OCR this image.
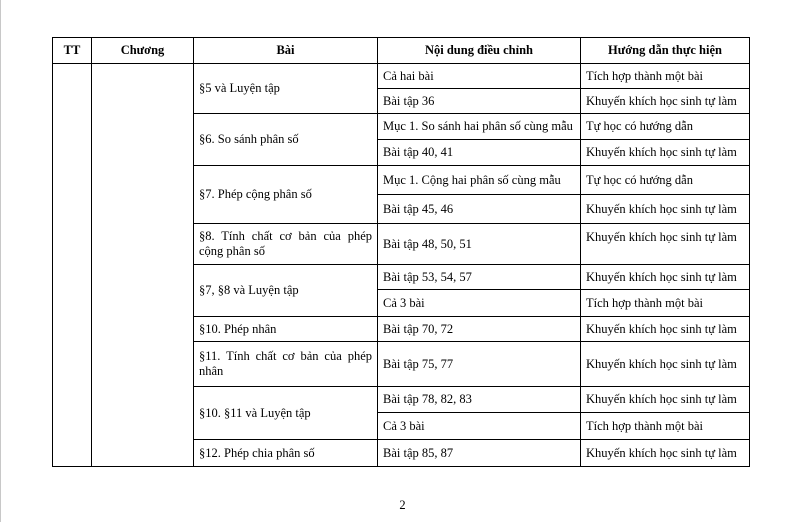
TT	Chương	Bài	Nội dung điều chỉnh	Hướng dẫn thực hiện
		§5 và Luyện tập	Cả hai bài	Tích hợp thành một bài
			Bài tập 36	Khuyến khích học sinh tự làm
		§6. So sánh phân số	Mục 1. So sánh hai phân số cùng mẫu	Tự học có hướng dẫn
			Bài tập 40, 41	Khuyến khích học sinh tự làm
		§7. Phép cộng phân số	Mục 1. Cộng hai phân số cùng mẫu	Tự học có hướng dẫn
			Bài tập 45, 46	Khuyến khích học sinh tự làm
		§8. Tính chất cơ bản của phép cộng phân số	Bài tập 48, 50, 51	Khuyến khích học sinh tự làm
		§7, §8 và Luyện tập	Bài tập 53, 54, 57	Khuyến khích học sinh tự làm
			Cả 3 bài	Tích hợp thành một bài
		§10. Phép nhân	Bài tập 70, 72	Khuyến khích học sinh tự làm
		§11. Tính chất cơ bản của phép nhân	Bài tập 75, 77	Khuyến khích học sinh tự làm
		§10. §11 và Luyện tập	Bài tập 78, 82, 83	Khuyến khích học sinh tự làm
			Cả 3 bài	Tích hợp thành một bài
		§12. Phép chia phân số	Bài tập 85, 87	Khuyến khích học sinh tự làm
2
